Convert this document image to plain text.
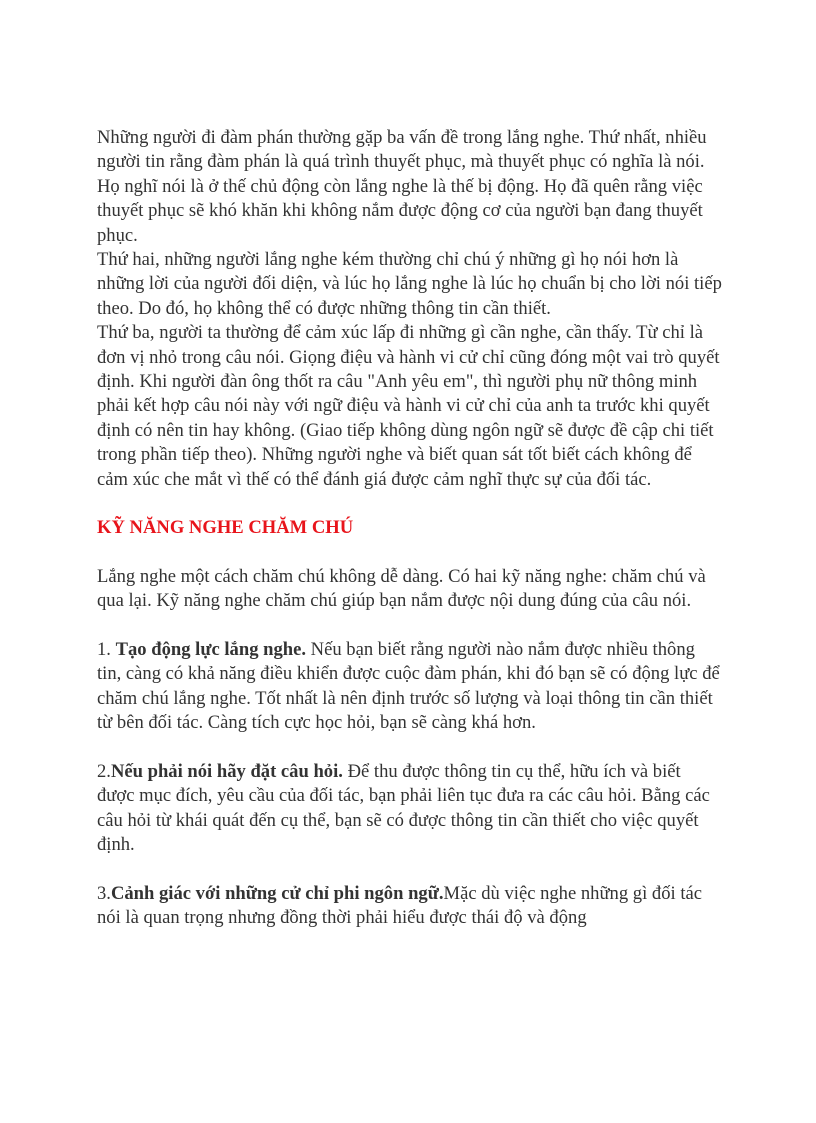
Những người đi đàm phán thường gặp ba vấn đề trong lắng nghe. Thứ nhất, nhiều người tin rằng đàm phán là quá trình thuyết phục, mà thuyết phục có nghĩa là nói. Họ nghĩ nói là ở thế chủ động còn lắng nghe là thế bị động. Họ đã quên rằng việc thuyết phục sẽ khó khăn khi không nắm được động cơ của người bạn đang thuyết phục.

Thứ hai, những người lắng nghe kém thường chỉ chú ý những gì họ nói hơn là những lời của người đối diện, và lúc họ lắng nghe là lúc họ chuẩn bị cho lời nói tiếp theo. Do đó, họ không thể có được những thông tin cần thiết.

Thứ ba, người ta thường để cảm xúc lấp đi những gì cần nghe, cần thấy. Từ chỉ là đơn vị nhỏ trong câu nói. Giọng điệu và hành vi cử chỉ cũng đóng một vai trò quyết định. Khi người đàn ông thốt ra câu "Anh yêu em", thì người phụ nữ thông minh phải kết hợp câu nói này với ngữ điệu và hành vi cử chỉ của anh ta trước khi quyết định có nên tin hay không. (Giao tiếp không dùng ngôn ngữ sẽ được đề cập chi tiết trong phần tiếp theo). Những người nghe và biết quan sát tốt biết cách không để cảm xúc che mắt vì thế có thể đánh giá được cảm nghĩ thực sự của đối tác.

KỸ NĂNG NGHE CHĂM CHÚ

Lắng nghe một cách chăm chú không dễ dàng. Có hai kỹ năng nghe: chăm chú và qua lại. Kỹ năng nghe chăm chú giúp bạn nắm được nội dung đúng của câu nói.

1. Tạo động lực lắng nghe. Nếu bạn biết rằng người nào nắm được nhiều thông tin, càng có khả năng điều khiển được cuộc đàm phán, khi đó bạn sẽ có động lực để chăm chú lắng nghe. Tốt nhất là nên định trước số lượng và loại thông tin cần thiết từ bên đối tác. Càng tích cực học hỏi, bạn sẽ càng khá hơn.

2.Nếu phải nói hãy đặt câu hỏi. Để thu được thông tin cụ thể, hữu ích và biết được mục đích, yêu cầu của đối tác, bạn phải liên tục đưa ra các câu hỏi. Bằng các câu hỏi từ khái quát đến cụ thể, bạn sẽ có được thông tin cần thiết cho việc quyết định.

3.Cảnh giác với những cử chỉ phi ngôn ngữ.Mặc dù việc nghe những gì đối tác nói là quan trọng nhưng đồng thời phải hiểu được thái độ và động
